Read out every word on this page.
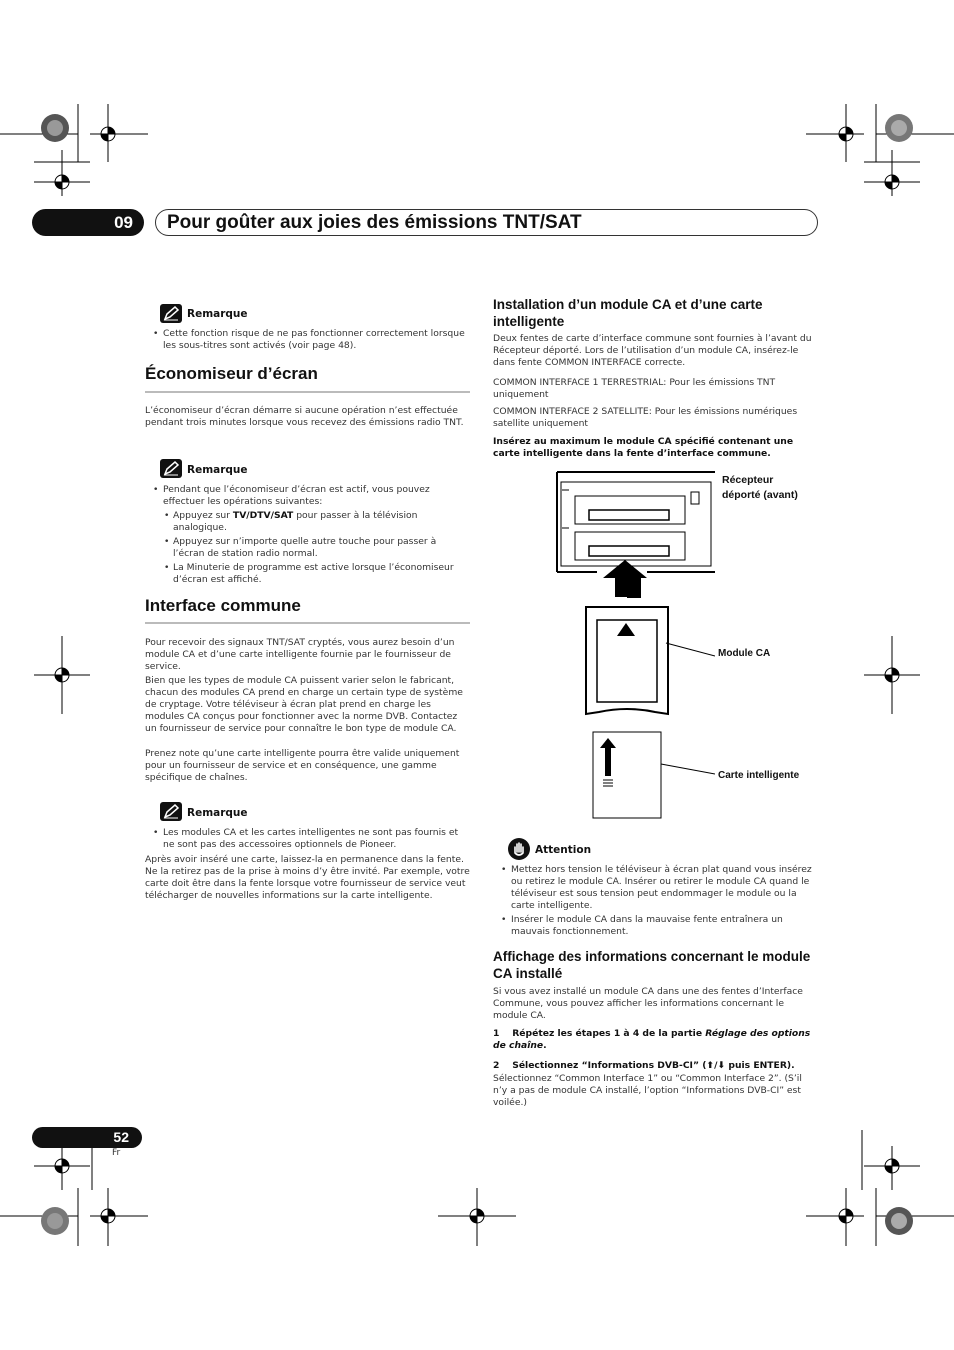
09	Pour goûter aux joies des émissions TNT/SAT
Remarque
• Cette fonction risque de ne pas fonctionner correctement lorsque les sous-titres sont activés (voir page 48).
Économiseur d’écran

L’économiseur d’écran démarre si aucune opération n’est effectuée pendant trois minutes lorsque vous recevez des émissions radio TNT.

Remarque
• Pendant que l’économiseur d’écran est actif, vous pouvez effectuer les opérations suivantes:
• Appuyez sur TV/DTV/SAT pour passer à la télévision analogique.
• Appuyez sur n’importe quelle autre touche pour passer à l’écran de station radio normal.
• La Minuterie de programme est active lorsque l’économiseur d’écran est affiché.
Interface commune

Pour recevoir des signaux TNT/SAT cryptés, vous aurez besoin d’un module CA et d’une carte intelligente fournie par le fournisseur de service.

Bien que les types de module CA puissent varier selon le fabricant, chacun des modules CA prend en charge un certain type de système de cryptage. Votre téléviseur à écran plat prend en charge les modules CA conçus pour fonctionner avec la norme DVB. Contactez un fournisseur de service pour connaître le bon type de module CA.

Prenez note qu’une carte intelligente pourra être valide uniquement pour un fournisseur de service et en conséquence, une gamme spécifique de chaînes.

Remarque
• Les modules CA et les cartes intelligentes ne sont pas fournis et ne sont pas des accessoires optionnels de Pioneer.

Après avoir inséré une carte, laissez-la en permanence dans la fente. Ne la retirez pas de la prise à moins d’y être invité. Par exemple, votre carte doit être dans la fente lorsque votre fournisseur de service veut télécharger de nouvelles informations sur la carte intelligente.

Installation d’un module CA et d’une carte intelligente

Deux fentes de carte d’interface commune sont fournies à l’avant du Récepteur déporté. Lors de l’utilisation d’un module CA, insérez-le dans fente COMMON INTERFACE correcte.

COMMON INTERFACE 1 TERRESTRIAL: Pour les émissions TNT uniquement

COMMON INTERFACE 2 SATELLITE: Pour les émissions numériques satellite uniquement

Insérez au maximum le module CA spécifié contenant une carte intelligente dans la fente d’interface commune.

Récepteur
déporté (avant)
Module CA
Carte intelligente
Attention
• Mettez hors tension le téléviseur à écran plat quand vous insérez ou retirez le module CA. Insérer ou retirer le module CA quand le téléviseur est sous tension peut endommager le module ou la carte intelligente.
• Insérer le module CA dans la mauvaise fente entraînera un mauvais fonctionnement.
Affichage des informations concernant le module CA installé

Si vous avez installé un module CA dans une des fentes d’Interface Commune, vous pouvez afficher les informations concernant le module CA.

1 Répétez les étapes 1 à 4 de la partie Réglage des options de chaîne.

2 Sélectionnez “Informations DVB-CI” (⬆/⬇ puis ENTER).

Sélectionnez “Common Interface 1” ou “Common Interface 2”. (S’il n’y a pas de module CA installé, l’option “Informations DVB-CI” est voilée.)

52
Fr
